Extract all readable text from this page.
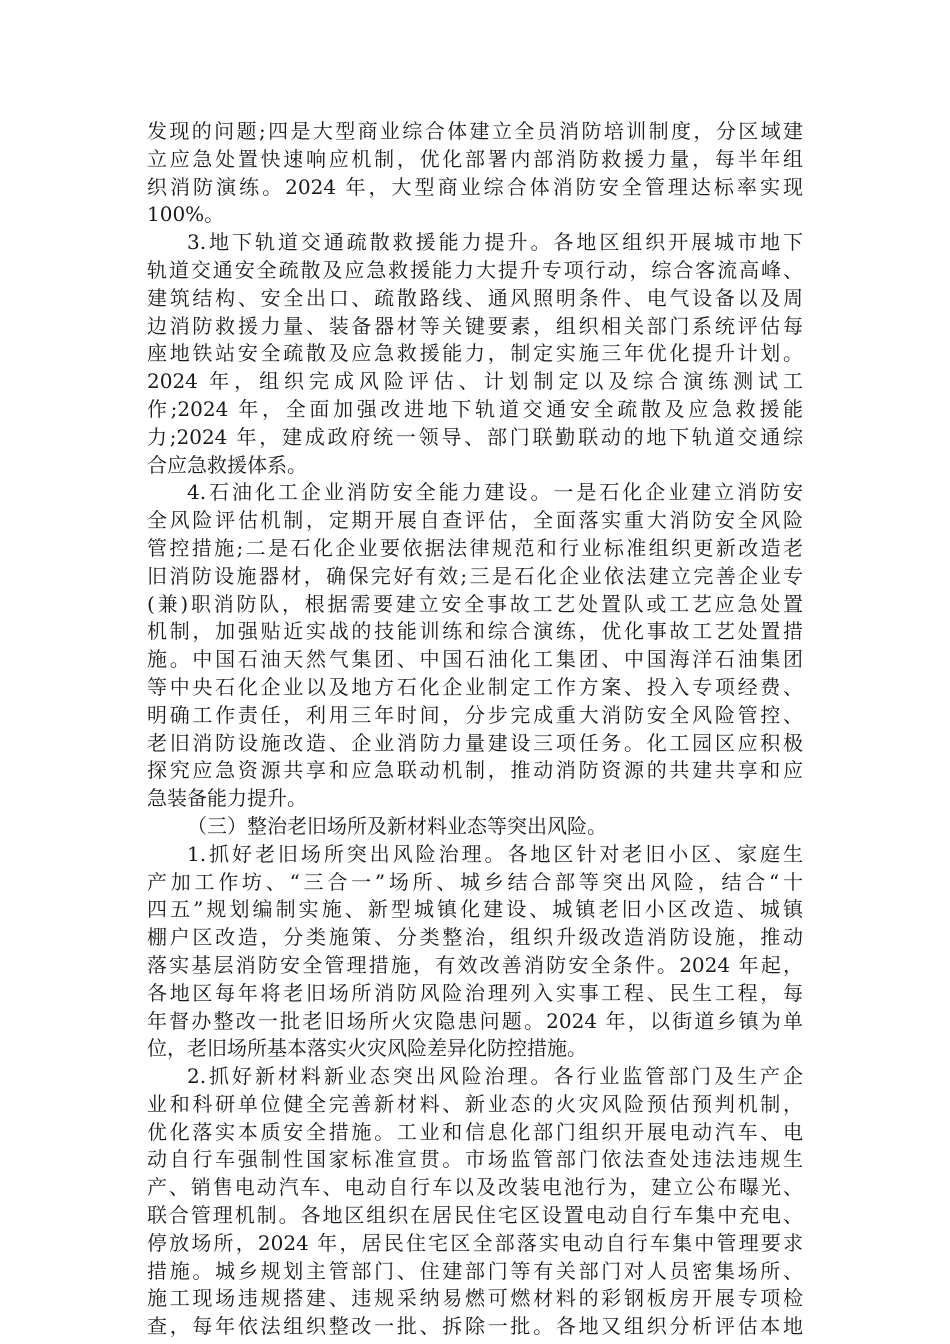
发现的问题;四是大型商业综合体建立全员消防培训制度，分区域建
立应急处置快速响应机制，优化部署内部消防救援力量，每半年组
织消防演练。2024 年，大型商业综合体消防安全管理达标率实现
100%。
3.地下轨道交通疏散救援能力提升。各地区组织开展城市地下
轨道交通安全疏散及应急救援能力大提升专项行动，综合客流高峰、
建筑结构、安全出口、疏散路线、通风照明条件、电气设备以及周
边消防救援力量、装备器材等关键要素，组织相关部门系统评估每
座地铁站安全疏散及应急救援能力，制定实施三年优化提升计划。
2024 年，组织完成风险评估、计划制定以及综合演练测试工
作;2024 年，全面加强改进地下轨道交通安全疏散及应急救援能
力;2024 年，建成政府统一领导、部门联勤联动的地下轨道交通综
合应急救援体系。
4.石油化工企业消防安全能力建设。一是石化企业建立消防安
全风险评估机制，定期开展自查评估，全面落实重大消防安全风险
管控措施;二是石化企业要依据法律规范和行业标准组织更新改造老
旧消防设施器材，确保完好有效;三是石化企业依法建立完善企业专
(兼)职消防队，根据需要建立安全事故工艺处置队或工艺应急处置
机制，加强贴近实战的技能训练和综合演练，优化事故工艺处置措
施。中国石油天然气集团、中国石油化工集团、中国海洋石油集团
等中央石化企业以及地方石化企业制定工作方案、投入专项经费、
明确工作责任，利用三年时间，分步完成重大消防安全风险管控、
老旧消防设施改造、企业消防力量建设三项任务。化工园区应积极
探究应急资源共享和应急联动机制，推动消防资源的共建共享和应
急装备能力提升。
（三）整治老旧场所及新材料业态等突出风险。
1.抓好老旧场所突出风险治理。各地区针对老旧小区、家庭生
产加工作坊、“三合一”场所、城乡结合部等突出风险，结合“十
四五”规划编制实施、新型城镇化建设、城镇老旧小区改造、城镇
棚户区改造，分类施策、分类整治，组织升级改造消防设施，推动
落实基层消防安全管理措施，有效改善消防安全条件。2024 年起，
各地区每年将老旧场所消防风险治理列入实事工程、民生工程，每
年督办整改一批老旧场所火灾隐患问题。2024 年，以街道乡镇为单
位，老旧场所基本落实火灾风险差异化防控措施。
2.抓好新材料新业态突出风险治理。各行业监管部门及生产企
业和科研单位健全完善新材料、新业态的火灾风险预估预判机制，
优化落实本质安全措施。工业和信息化部门组织开展电动汽车、电
动自行车强制性国家标准宣贯。市场监管部门依法查处违法违规生
产、销售电动汽车、电动自行车以及改装电池行为，建立公布曝光、
联合管理机制。各地区组织在居民住宅区设置电动自行车集中充电、
停放场所，2024 年，居民住宅区全部落实电动自行车集中管理要求
措施。城乡规划主管部门、住建部门等有关部门对人员密集场所、
施工现场违规搭建、违规采纳易燃可燃材料的彩钢板房开展专项检
查，每年依法组织整改一批、拆除一批。各地又组织分析评估本地
